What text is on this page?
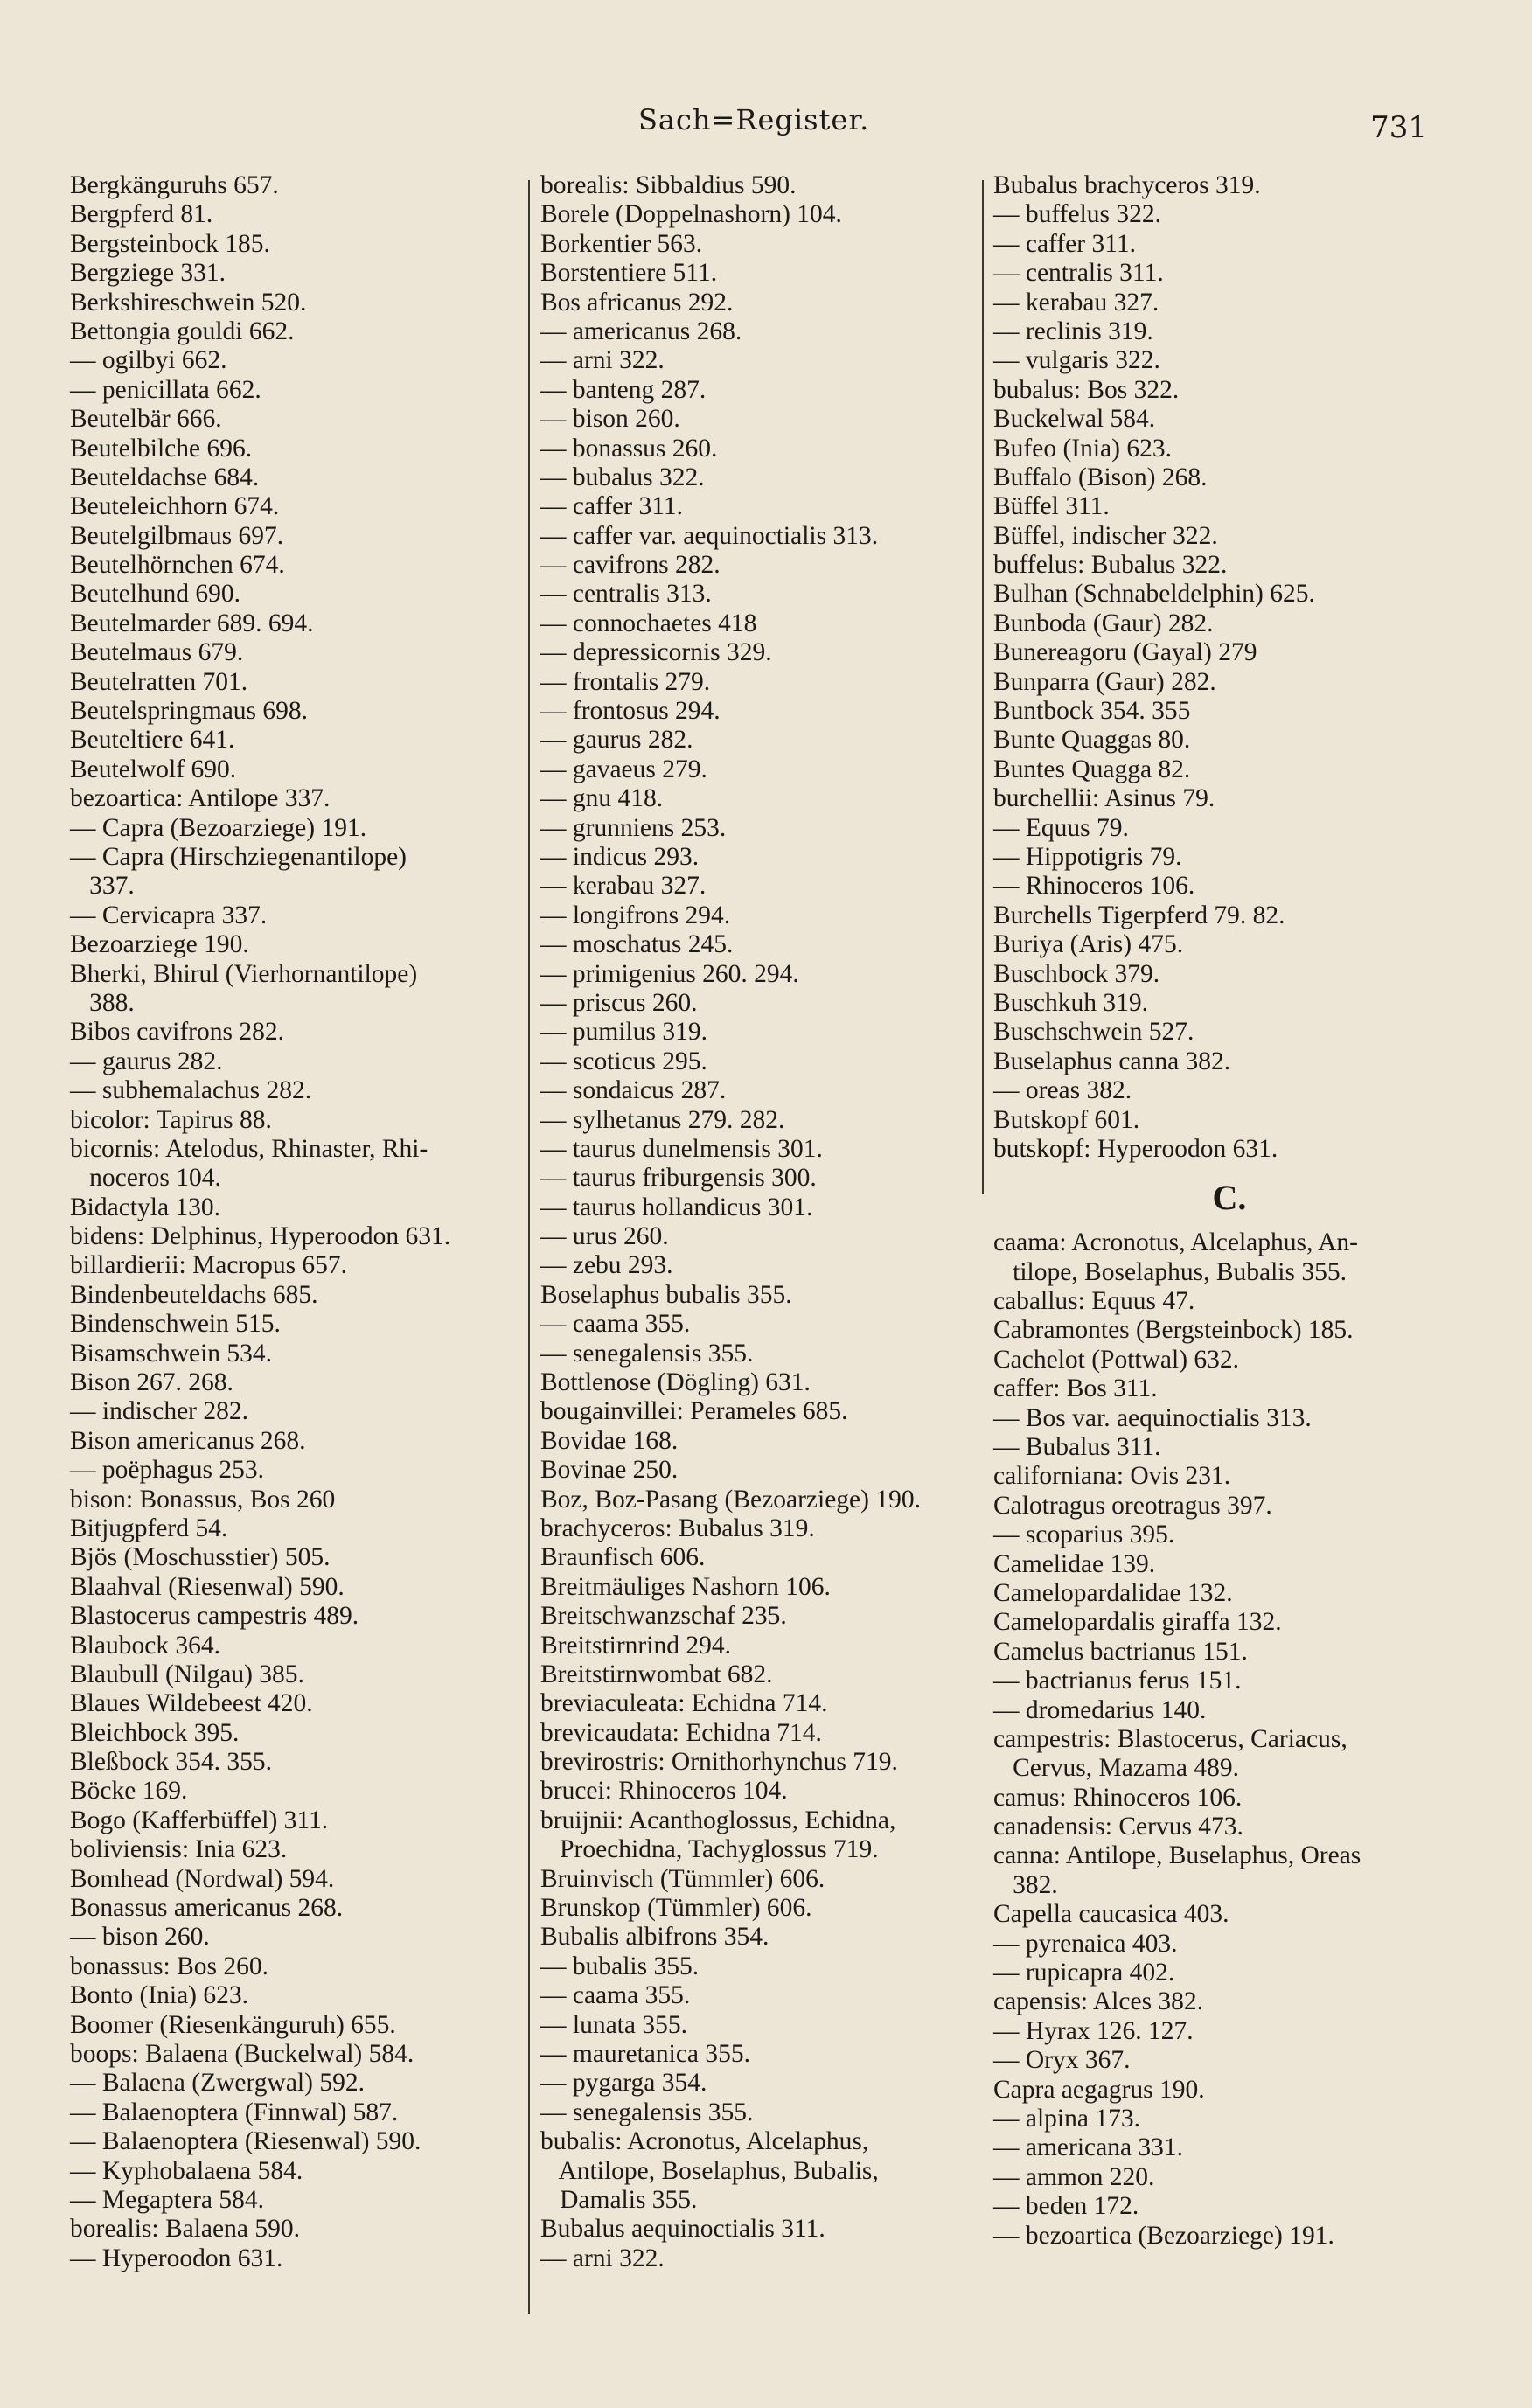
Sach=Register.	731
Bergkänguruhs 657.
Bergpferd 81.
Bergsteinbock 185.
Bergziege 331.
Berkshireschwein 520.
Bettongia gouldi 662.
— ogilbyi 662.
— penicillata 662.
Beutelbär 666.
Beutelbilche 696.
Beuteldachse 684.
Beuteleichhorn 674.
Beutelgilbmaus 697.
Beutelhörnchen 674.
Beutelhund 690.
Beutelmarder 689. 694.
Beutelmaus 679.
Beutelratten 701.
Beutelspringmaus 698.
Beuteltiere 641.
Beutelwolf 690.
bezoartica: Antilope 337.
— Capra (Bezoarziege) 191.
— Capra (Hirschziegenantilope)
337.
— Cervicapra 337.
Bezoarziege 190.
Bherki, Bhirul (Vierhornantilope)
388.
Bibos cavifrons 282.
— gaurus 282.
— subhemalachus 282.
bicolor: Tapirus 88.
bicornis: Atelodus, Rhinaster, Rhi-
noceros 104.
Bidactyla 130.
bidens: Delphinus, Hyperoodon 631.
billardierii: Macropus 657.
Bindenbeuteldachs 685.
Bindenschwein 515.
Bisamschwein 534.
Bison 267. 268.
— indischer 282.
Bison americanus 268.
— poëphagus 253.
bison: Bonassus, Bos 260
Bitjugpferd 54.
Bjös (Moschusstier) 505.
Blaahval (Riesenwal) 590.
Blastocerus campestris 489.
Blaubock 364.
Blaubull (Nilgau) 385.
Blaues Wildebeest 420.
Bleichbock 395.
Bleßbock 354. 355.
Böcke 169.
Bogo (Kafferbüffel) 311.
boliviensis: Inia 623.
Bomhead (Nordwal) 594.
Bonassus americanus 268.
— bison 260.
bonassus: Bos 260.
Bonto (Inia) 623.
Boomer (Riesenkänguruh) 655.
boops: Balaena (Buckelwal) 584.
— Balaena (Zwergwal) 592.
— Balaenoptera (Finnwal) 587.
— Balaenoptera (Riesenwal) 590.
— Kyphobalaena 584.
— Megaptera 584.
borealis: Balaena 590.
— Hyperoodon 631.
borealis: Sibbaldius 590.
Borele (Doppelnashorn) 104.
Borkentier 563.
Borstentiere 511.
Bos africanus 292.
— americanus 268.
— arni 322.
— banteng 287.
— bison 260.
— bonassus 260.
— bubalus 322.
— caffer 311.
— caffer var. aequinoctialis 313.
— cavifrons 282.
— centralis 313.
— connochaetes 418
— depressicornis 329.
— frontalis 279.
— frontosus 294.
— gaurus 282.
— gavaeus 279.
— gnu 418.
— grunniens 253.
— indicus 293.
— kerabau 327.
— longifrons 294.
— moschatus 245.
— primigenius 260. 294.
— priscus 260.
— pumilus 319.
— scoticus 295.
— sondaicus 287.
— sylhetanus 279. 282.
— taurus dunelmensis 301.
— taurus friburgensis 300.
— taurus hollandicus 301.
— urus 260.
— zebu 293.
Boselaphus bubalis 355.
— caama 355.
— senegalensis 355.
Bottlenose (Dögling) 631.
bougainvillei: Perameles 685.
Bovidae 168.
Bovinae 250.
Boz, Boz-Pasang (Bezoarziege) 190.
brachyceros: Bubalus 319.
Braunfisch 606.
Breitmäuliges Nashorn 106.
Breitschwanzschaf 235.
Breitstirnrind 294.
Breitstirnwombat 682.
breviaculeata: Echidna 714.
brevicaudata: Echidna 714.
brevirostris: Ornithorhynchus 719.
brucei: Rhinoceros 104.
bruijnii: Acanthoglossus, Echidna,
Proechidna, Tachyglossus 719.
Bruinvisch (Tümmler) 606.
Brunskop (Tümmler) 606.
Bubalis albifrons 354.
— bubalis 355.
— caama 355.
— lunata 355.
— mauretanica 355.
— pygarga 354.
— senegalensis 355.
bubalis: Acronotus, Alcelaphus,
Antilope, Boselaphus, Bubalis,
Damalis 355.
Bubalus aequinoctialis 311.
— arni 322.
Bubalus brachyceros 319.
— buffelus 322.
— caffer 311.
— centralis 311.
— kerabau 327.
— reclinis 319.
— vulgaris 322.
bubalus: Bos 322.
Buckelwal 584.
Bufeo (Inia) 623.
Buffalo (Bison) 268.
Büffel 311.
Büffel, indischer 322.
buffelus: Bubalus 322.
Bulhan (Schnabeldelphin) 625.
Bunboda (Gaur) 282.
Bunereagoru (Gayal) 279
Bunparra (Gaur) 282.
Buntbock 354. 355
Bunte Quaggas 80.
Buntes Quagga 82.
burchellii: Asinus 79.
— Equus 79.
— Hippotigris 79.
— Rhinoceros 106.
Burchells Tigerpferd 79. 82.
Buriya (Aris) 475.
Buschbock 379.
Buschkuh 319.
Buschschwein 527.
Buselaphus canna 382.
— oreas 382.
Butskopf 601.
butskopf: Hyperoodon 631.
C.
caama: Acronotus, Alcelaphus, An-
tilope, Boselaphus, Bubalis 355.
caballus: Equus 47.
Cabramontes (Bergsteinbock) 185.
Cachelot (Pottwal) 632.
caffer: Bos 311.
— Bos var. aequinoctialis 313.
— Bubalus 311.
californiana: Ovis 231.
Calotragus oreotragus 397.
— scoparius 395.
Camelidae 139.
Camelopardalidae 132.
Camelopardalis giraffa 132.
Camelus bactrianus 151.
— bactrianus ferus 151.
— dromedarius 140.
campestris: Blastocerus, Cariacus,
Cervus, Mazama 489.
camus: Rhinoceros 106.
canadensis: Cervus 473.
canna: Antilope, Buselaphus, Oreas
382.
Capella caucasica 403.
— pyrenaica 403.
— rupicapra 402.
capensis: Alces 382.
— Hyrax 126. 127.
— Oryx 367.
Capra aegagrus 190.
— alpina 173.
— americana 331.
— ammon 220.
— beden 172.
— bezoartica (Bezoarziege) 191.
